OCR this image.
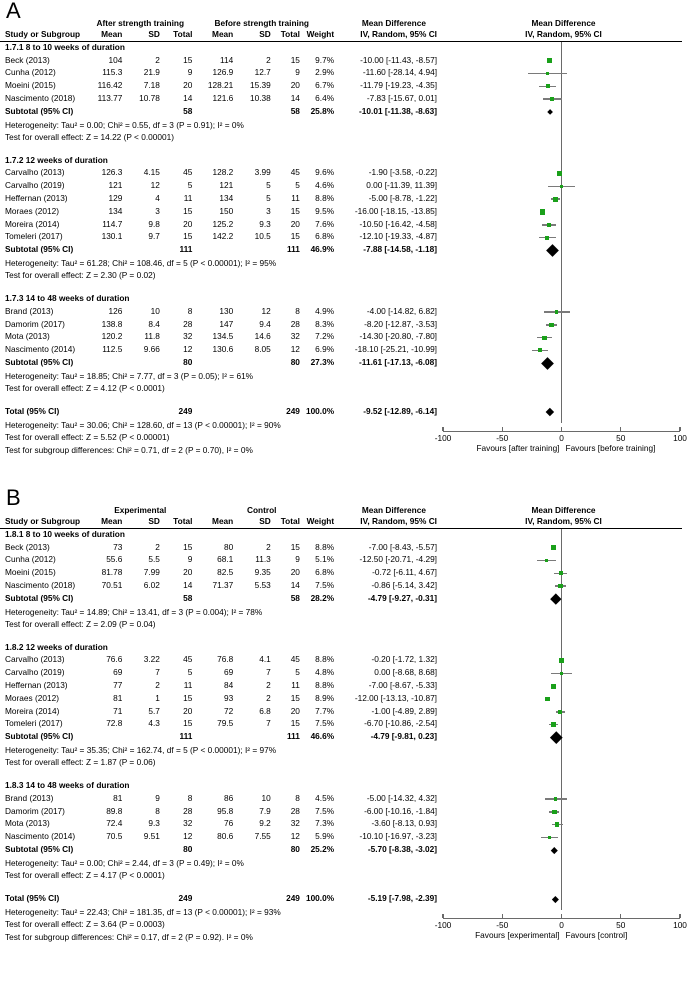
A	After strength training	Before strength training	Mean Difference
Study or Subgroup	Mean	SD	Total	Mean	SD	Total Weight	IV, Random, 95% CI
1.7.1 8 to 10 weeks of duration
Beck (2013)	104	2	15	114	2	15	9.7%	-10.00 [-11.43, -8.57]
Cunha (2012)	115.3	21.9	9	126.9	12.7	9	2.9%	-11.60 [-28.14, 4.94]
Moeini (2015)	116.42	7.18	20	128.21	15.39	20	6.7%	-11.79 [-19.23, -4.35]
Nascimento (2018)	113.77	10.78	14	121.6	10.38	14	6.4%	-7.83 [-15.67, 0.01]
Subtotal (95% CI)	58	58	25.8%	-10.01 [-11.38, -8.63]
Heterogeneity: Tau² = 0.00; Chi² = 0.55, df = 3 (P = 0.91); I² = 0%
Test for overall effect: Z = 14.22 (P < 0.00001)
1.7.2 12 weeks of duration
Carvalho (2013)	126.3	4.15	45	128.2	3.99	45	9.6%	-1.90 [-3.58, -0.22]
Carvalho (2019)	121	12	5	121	5	5	4.6%	0.00 [-11.39, 11.39]
Heffernan (2013)	129	4	11	134	5	11	8.8%	-5.00 [-8.78, -1.22]
Moraes (2012)	134	3	15	150	3	15	9.5%	-16.00 [-18.15, -13.85]
Moreira (2014)	114.7	9.8	20	125.2	9.3	20	7.6%	-10.50 [-16.42, -4.58]
Tomeleri (2017)	130.1	9.7	15	142.2	10.5	15	6.8%	-12.10 [-19.33, -4.87]
Subtotal (95% CI)	111	111	46.9%	-7.88 [-14.58, -1.18]
Heterogeneity: Tau² = 61.28; Chi² = 108.46, df = 5 (P < 0.00001); I² = 95%
Test for overall effect: Z = 2.30 (P = 0.02)
1.7.3 14 to 48 weeks of duration
Brand (2013)	126	10	8	130	12	8	4.9%	-4.00 [-14.82, 6.82]
Damorim (2017)	138.8	8.4	28	147	9.4	28	8.3%	-8.20 [-12.87, -3.53]
Mota (2013)	120.2	11.8	32	134.5	14.6	32	7.2%	-14.30 [-20.80, -7.80]
Nascimento (2014)	112.5	9.66	12	130.6	8.05	12	6.9%	-18.10 [-25.21, -10.99]
Subtotal (95% CI)	80	80	27.3%	-11.61 [-17.13, -6.08]
Heterogeneity: Tau² = 18.85; Chi² = 7.77, df = 3 (P = 0.05); I² = 61%
Test for overall effect: Z = 4.12 (P < 0.0001)
Total (95% CI)	249	249 100.0%	-9.52 [-12.89, -6.14]
Heterogeneity: Tau² = 30.06; Chi² = 128.60, df = 13 (P < 0.00001); I² = 90%
Test for overall effect: Z = 5.52 (P < 0.00001)
Test for subgroup differences: Chi² = 0.71, df = 2 (P = 0.70), I² = 0%
Mean Difference
IV, Random, 95% CI
-100	-50	0	50	100
Favours [after training] Favours [before training]
B	Experimental	Control	Mean Difference
Study or Subgroup	Mean	SD	Total	Mean	SD	Total Weight	IV, Random, 95% CI
1.8.1 8 to 10 weeks of duration
Beck (2013)	73	2	15	80	2	15	8.8%	-7.00 [-8.43, -5.57]
Cunha (2012)	55.6	5.5	9	68.1	11.3	9	5.1%	-12.50 [-20.71, -4.29]
Moeini (2015)	81.78	7.99	20	82.5	9.35	20	6.8%	-0.72 [-6.11, 4.67]
Nascimento (2018)	70.51	6.02	14	71.37	5.53	14	7.5%	-0.86 [-5.14, 3.42]
Subtotal (95% CI)	58	58	28.2%	-4.79 [-9.27, -0.31]
Heterogeneity: Tau² = 14.89; Chi² = 13.41, df = 3 (P = 0.004); I² = 78%
Test for overall effect: Z = 2.09 (P = 0.04)
1.8.2 12 weeks of duration
Carvalho (2013)	76.6	3.22	45	76.8	4.1	45	8.8%	-0.20 [-1.72, 1.32]
Carvalho (2019)	69	7	5	69	7	5	4.8%	0.00 [-8.68, 8.68]
Heffernan (2013)	77	2	11	84	2	11	8.8%	-7.00 [-8.67, -5.33]
Moraes (2012)	81	1	15	93	2	15	8.9%	-12.00 [-13.13, -10.87]
Moreira (2014)	71	5.7	20	72	6.8	20	7.7%	-1.00 [-4.89, 2.89]
Tomeleri (2017)	72.8	4.3	15	79.5	7	15	7.5%	-6.70 [-10.86, -2.54]
Subtotal (95% CI)	111	111	46.6%	-4.79 [-9.81, 0.23]
Heterogeneity: Tau² = 35.35; Chi² = 162.74, df = 5 (P < 0.00001); I² = 97%
Test for overall effect: Z = 1.87 (P = 0.06)
1.8.3 14 to 48 weeks of duration
Brand (2013)	81	9	8	86	10	8	4.5%	-5.00 [-14.32, 4.32]
Damorim (2017)	89.8	8	28	95.8	7.9	28	7.5%	-6.00 [-10.16, -1.84]
Mota (2013)	72.4	9.3	32	76	9.2	32	7.3%	-3.60 [-8.13, 0.93]
Nascimento (2014)	70.5	9.51	12	80.6	7.55	12	5.9%	-10.10 [-16.97, -3.23]
Subtotal (95% CI)	80	80	25.2%	-5.70 [-8.38, -3.02]
Heterogeneity: Tau² = 0.00; Chi² = 2.44, df = 3 (P = 0.49); I² = 0%
Test for overall effect: Z = 4.17 (P < 0.0001)
Total (95% CI)	249	249 100.0%	-5.19 [-7.98, -2.39]
Heterogeneity: Tau² = 22.43; Chi² = 181.35, df = 13 (P < 0.00001); I² = 93%
Test for overall effect: Z = 3.64 (P = 0.0003)
Test for subgroup differences: Chi² = 0.17, df = 2 (P = 0.92). I² = 0%
Mean Difference
IV, Random, 95% CI
-100	-50	0	50	100
Favours [experimental] Favours [control]
